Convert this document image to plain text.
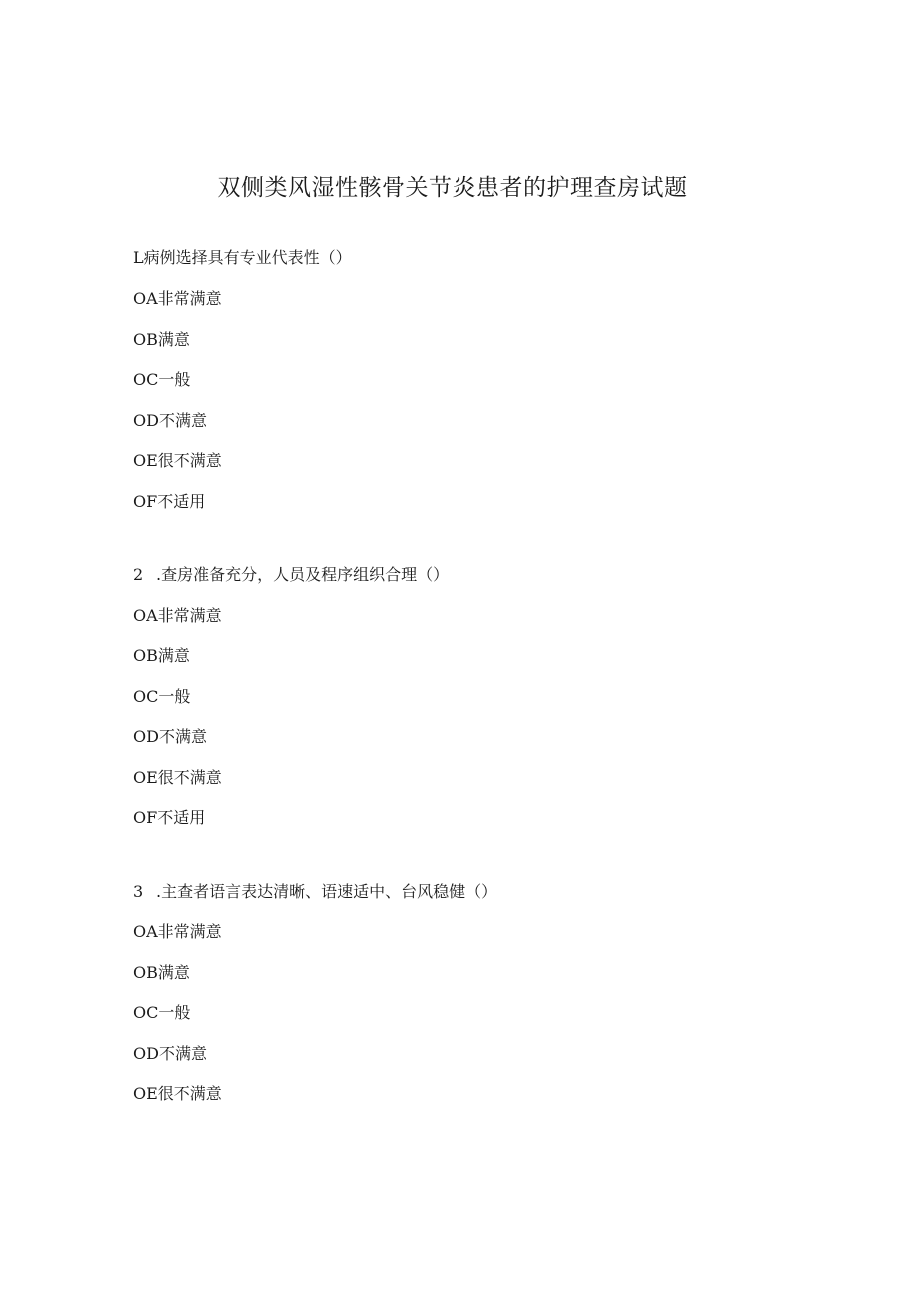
双侧类风湿性骸骨关节炎患者的护理查房试题
L病例选择具有专业代表性（）
OA非常满意
OB满意
OC一般
OD不满意
OE很不满意
OF不适用
2 .查房准备充分，人员及程序组织合理（）
OA非常满意
OB满意
OC一般
OD不满意
OE很不满意
OF不适用
3 .主查者语言表达清晰、语速适中、台风稳健（）
OA非常满意
OB满意
OC一般
OD不满意
OE很不满意
